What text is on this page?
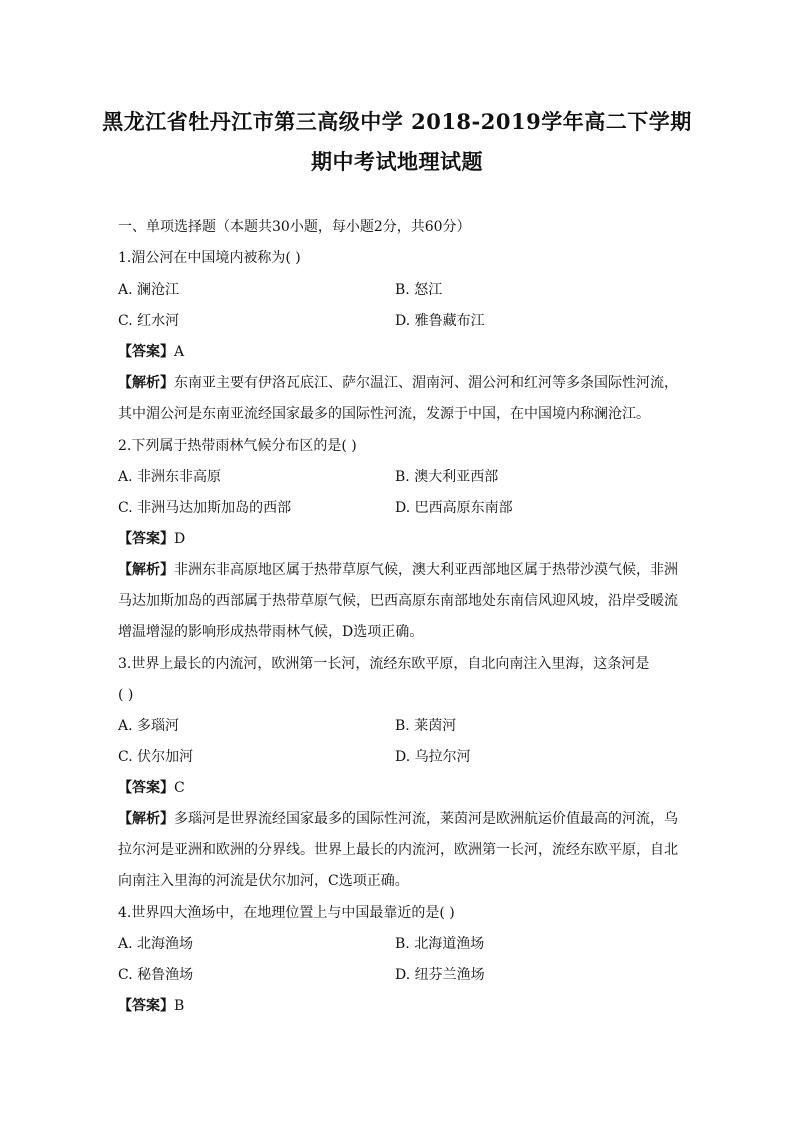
黑龙江省牡丹江市第三高级中学 2018-2019学年高二下学期
期中考试地理试题
一、单项选择题（本题共30小题，每小题2分，共60分）
1.湄公河在中国境内被称为( )
A. 澜沧江	B. 怒江
C. 红水河	D. 雅鲁藏布江
【答案】A
【解析】东南亚主要有伊洛瓦底江、萨尔温江、湄南河、湄公河和红河等多条国际性河流，其中湄公河是东南亚流经国家最多的国际性河流，发源于中国，在中国境内称澜沧江。
2.下列属于热带雨林气候分布区的是( )
A. 非洲东非高原	B. 澳大利亚西部
C. 非洲马达加斯加岛的西部	D. 巴西高原东南部
【答案】D
【解析】非洲东非高原地区属于热带草原气候，澳大利亚西部地区属于热带沙漠气候，非洲马达加斯加岛的西部属于热带草原气候，巴西高原东南部地处东南信风迎风坡，沿岸受暖流增温增湿的影响形成热带雨林气候，D选项正确。
3.世界上最长的内流河，欧洲第一长河，流经东欧平原，自北向南注入里海，这条河是
( )
A. 多瑙河	B. 莱茵河
C. 伏尔加河	D. 乌拉尔河
【答案】C
【解析】多瑙河是世界流经国家最多的国际性河流，莱茵河是欧洲航运价值最高的河流，乌拉尔河是亚洲和欧洲的分界线。世界上最长的内流河，欧洲第一长河，流经东欧平原，自北向南注入里海的河流是伏尔加河，C选项正确。
4.世界四大渔场中，在地理位置上与中国最靠近的是( )
A. 北海渔场	B. 北海道渔场
C. 秘鲁渔场	D. 纽芬兰渔场
【答案】B
